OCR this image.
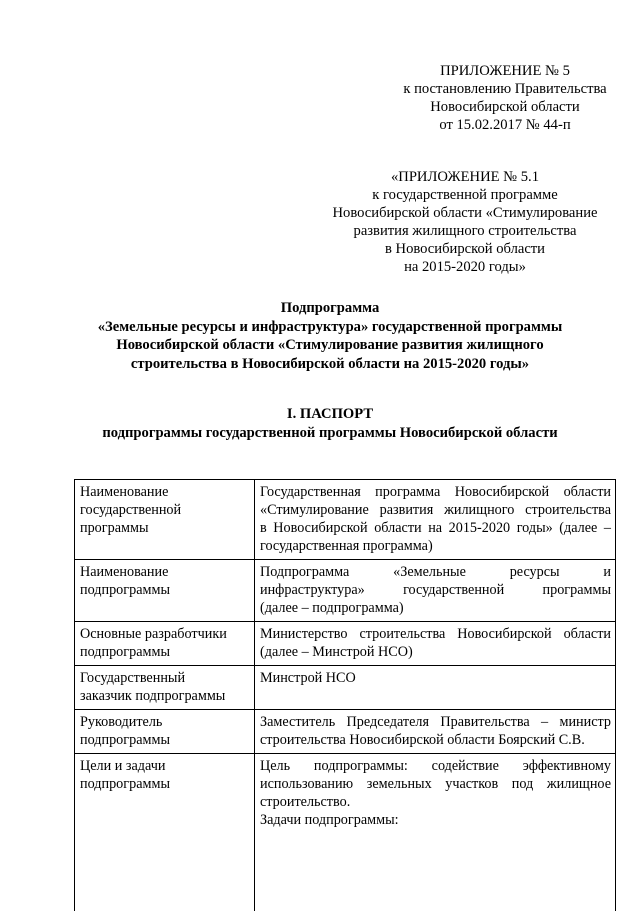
ПРИЛОЖЕНИЕ № 5
к постановлению Правительства
Новосибирской области
от 15.02.2017 № 44-п
«ПРИЛОЖЕНИЕ № 5.1
к государственной программе
Новосибирской области «Стимулирование
развития жилищного строительства
в Новосибирской области
на 2015-2020 годы»
Подпрограмма
«Земельные ресурсы и инфраструктура» государственной программы
Новосибирской области «Стимулирование развития жилищного
строительства в Новосибирской области на 2015-2020 годы»
I. ПАСПОРТ
подпрограммы государственной программы Новосибирской области
Наименование
государственной
программы	Государственная программа Новосибирской области
«Стимулирование развития жилищного строительства
в Новосибирской области на 2015-2020 годы» (далее –
государственная программа)

Наименование
подпрограммы	Подпрограмма «Земельные ресурсы и
инфраструктура» государственной программы
(далее – подпрограмма)

Основные разработчики
подпрограммы	Министерство строительства Новосибирской области
(далее – Минстрой НСО)

Государственный
заказчик подпрограммы	Минстрой НСО

Руководитель
подпрограммы	Заместитель Председателя Правительства – министр
строительства Новосибирской области Боярский С.В.

Цели и задачи
подпрограммы	Цель подпрограммы: содействие эффективному
использованию земельных участков под жилищное
строительство.
Задачи подпрограммы:
